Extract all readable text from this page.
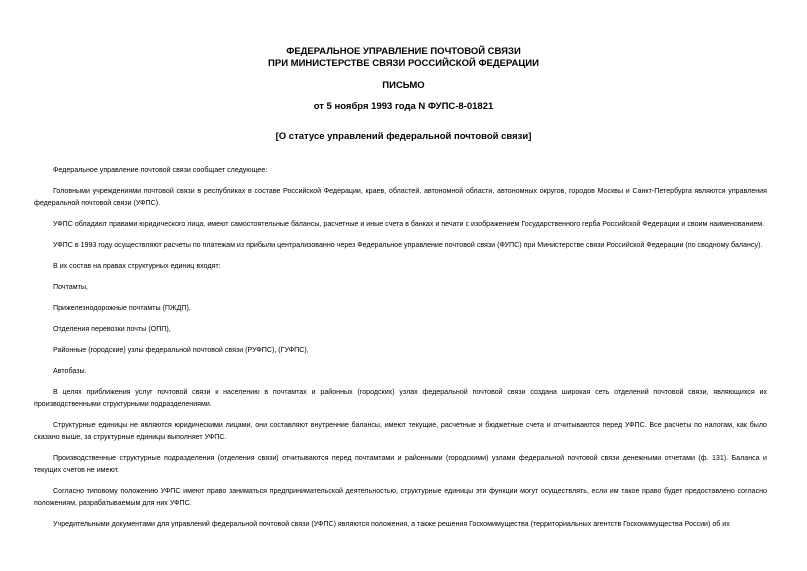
ФЕДЕРАЛЬНОЕ УПРАВЛЕНИЕ ПОЧТОВОЙ СВЯЗИ
ПРИ МИНИСТЕРСТВЕ СВЯЗИ РОССИЙСКОЙ ФЕДЕРАЦИИ
ПИСЬМО
от 5 ноября 1993 года N ФУПС-8-01821
[О статусе управлений федеральной почтовой связи]

Федеральное управление почтовой связи сообщает следующее:

Головными учреждениями почтовой связи в республиках в составе Российской Федерации, краев, областей, автономной области, автономных округов, городов Москвы и Санкт-Петербурга являются управления федеральной почтовой связи (УФПС).

УФПС обладают правами юридического лица, имеют самостоятельные балансы, расчетные и иные счета в банках и печати с изображением Государственного герба Российской Федерации и своим наименованием.

УФПС в 1993 году осуществляют расчеты по платежам из прибыли централизованно через Федеральное управление почтовой связи (ФУПС) при Министерстве связи Российской Федерации (по сводному балансу).

В их состав на правах структурных единиц входят:

Почтамты,

Прижелезнодорожные почтамты (ПЖДП),

Отделения перевозки почты (ОПП),

Районные (городские) узлы федеральной почтовой связи (РУФПС), (ГУФПС),

Автобазы.

В целях приближения услуг почтовой связи к населению в почтамтах и районных (городских) узлах федеральной почтовой связи создана широкая сеть отделений почтовой связи, являющихся их производственными структурными подразделениями.

Структурные единицы не являются юридическими лицами, они составляют внутренние балансы, имеют текущие, расчетные и бюджетные счета и отчитываются перед УФПС. Все расчеты по налогам, как было сказано выше, за структурные единицы выполняет УФПС.

Производственные структурные подразделения (отделения связи) отчитываются перед почтамтами и районными (городскими) узлами федеральной почтовой связи денежными отчетами (ф. 131). Баланса и текущих счетов не имеют.

Согласно типовому положению УФПС имеют право заниматься предпринимательской деятельностью, структурные единицы эти функции могут осуществлять, если им такое право будет предоставлено согласно положениям, разрабатываемым для них УФПС.

Учредительными документами для управлений федеральной почтовой связи (УФПС) являются положения, а также решения Госкомимущества (территориальных агентств Госкомимущества России) об их
